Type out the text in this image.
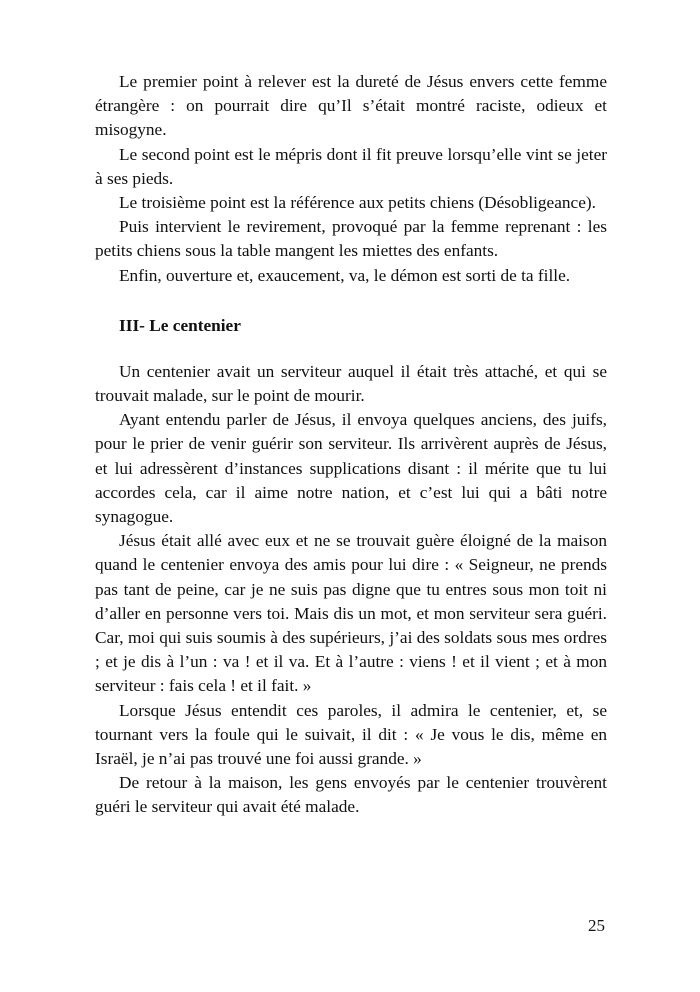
Le premier point à relever est la dureté de Jésus envers cette femme étrangère : on pourrait dire qu’Il s’était montré raciste, odieux et misogyne.

Le second point est le mépris dont il fit preuve lorsqu’elle vint se jeter à ses pieds.

Le troisième point est la référence aux petits chiens (Désobligeance).

Puis intervient le revirement, provoqué par la femme reprenant : les petits chiens sous la table mangent les miettes des enfants.

Enfin, ouverture et, exaucement, va, le démon est sorti de ta fille.

III- Le centenier

Un centenier avait un serviteur auquel il était très attaché, et qui se trouvait malade, sur le point de mourir.

Ayant entendu parler de Jésus, il envoya quelques anciens, des juifs, pour le prier de venir guérir son serviteur. Ils arrivèrent auprès de Jésus, et lui adressèrent d’instances supplications disant : il mérite que tu lui accordes cela, car il aime notre nation, et c’est lui qui a bâti notre synagogue.

Jésus était allé avec eux et ne se trouvait guère éloigné de la maison quand le centenier envoya des amis pour lui dire : « Seigneur, ne prends pas tant de peine, car je ne suis pas digne que tu entres sous mon toit ni d’aller en personne vers toi. Mais dis un mot, et mon serviteur sera guéri. Car, moi qui suis soumis à des supérieurs, j’ai des soldats sous mes ordres ; et je dis à l’un : va ! et il va. Et à l’autre : viens ! et il vient ; et à mon serviteur : fais cela ! et il fait. »

Lorsque Jésus entendit ces paroles, il admira le centenier, et, se tournant vers la foule qui le suivait, il dit : « Je vous le dis, même en Israël, je n’ai pas trouvé une foi aussi grande. »

De retour à la maison, les gens envoyés par le centenier trouvèrent guéri le serviteur qui avait été malade.

25
